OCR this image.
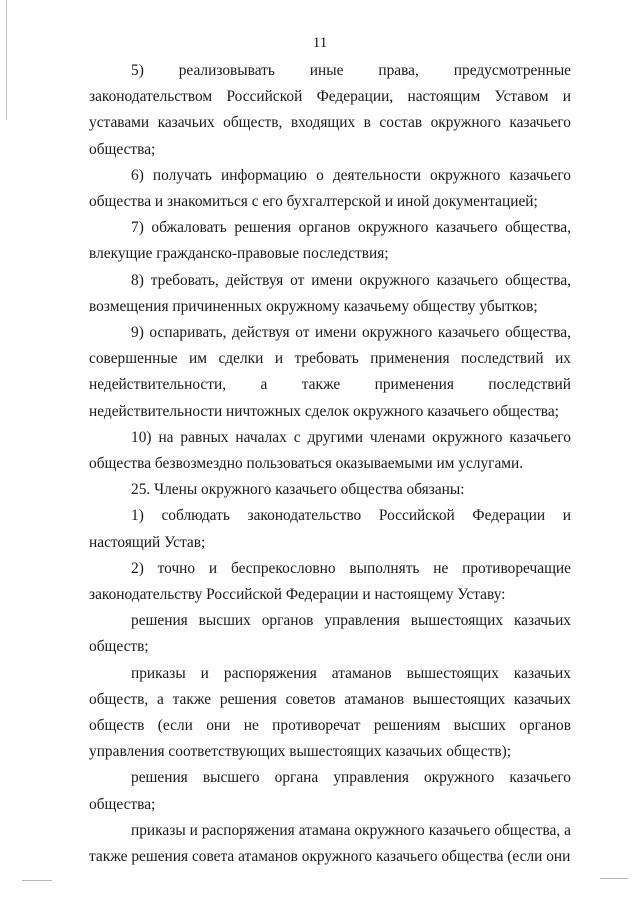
11

5) реализовывать иные права, предусмотренные законодательством Российской Федерации, настоящим Уставом и уставами казачьих обществ, входящих в состав окружного казачьего общества;

6) получать информацию о деятельности окружного казачьего общества и знакомиться с его бухгалтерской и иной документацией;

7) обжаловать решения органов окружного казачьего общества, влекущие гражданско-правовые последствия;

8) требовать, действуя от имени окружного казачьего общества, возмещения причиненных окружному казачьему обществу убытков;

9) оспаривать, действуя от имени окружного казачьего общества, совершенные им сделки и требовать применения последствий их недействительности, а также применения последствий недействительности ничтожных сделок окружного казачьего общества;

10) на равных началах с другими членами окружного казачьего общества безвозмездно пользоваться оказываемыми им услугами.

25. Члены окружного казачьего общества обязаны:

1) соблюдать законодательство Российской Федерации и настоящий Устав;

2) точно и беспрекословно выполнять не противоречащие законодательству Российской Федерации и настоящему Уставу:

решения высших органов управления вышестоящих казачьих обществ;

приказы и распоряжения атаманов вышестоящих казачьих обществ, а также решения советов атаманов вышестоящих казачьих обществ (если они не противоречат решениям высших органов управления соответствующих вышестоящих казачьих обществ);

решения высшего органа управления окружного казачьего общества;

приказы и распоряжения атамана окружного казачьего общества, а также решения совета атаманов окружного казачьего общества (если они
